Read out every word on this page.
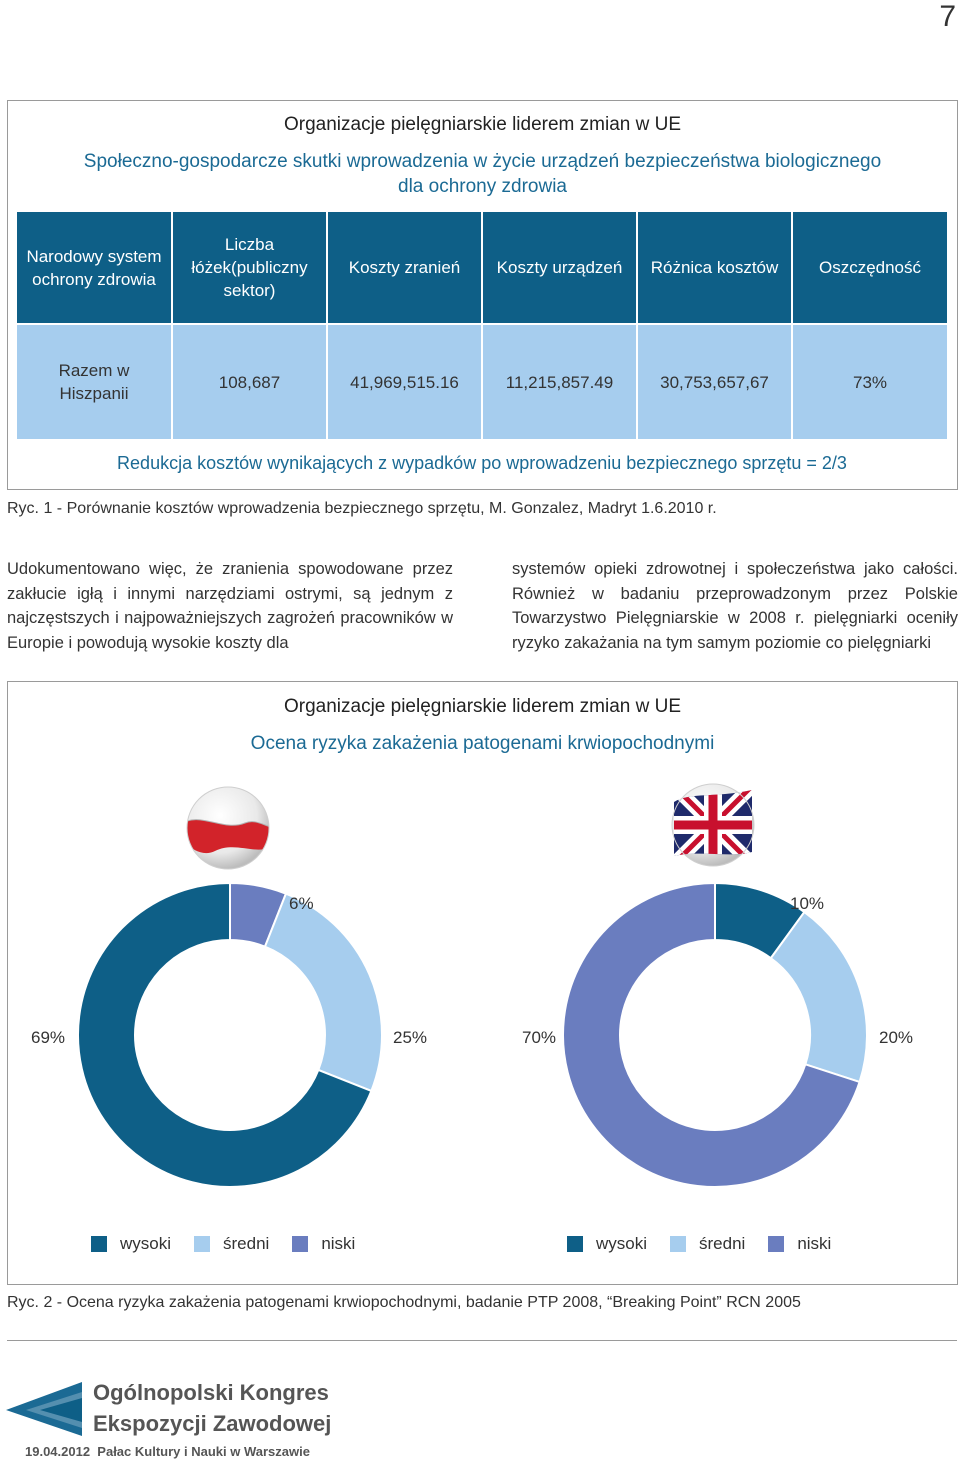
7
Organizacje pielęgniarskie liderem zmian w UE
Społeczno-gospodarcze skutki wprowadzenia w życie urządzeń bezpieczeństwa biologicznego
dla ochrony zdrowia
Narodowy system ochrony zdrowia	Liczba łóżek(publiczny sektor)	Koszty zranień	Koszty urządzeń	Różnica kosztów	Oszczędność
Razem w Hiszpanii	108,687	41,969,515.16	11,215,857.49	30,753,657,67	73%
Redukcja kosztów wynikających z wypadków po wprowadzeniu bezpiecznego sprzętu = 2/3
Ryc. 1 - Porównanie kosztów wprowadzenia bezpiecznego sprzętu, M. Gonzalez, Madryt 1.6.2010 r.
Udokumentowano więc, że zranienia spowodowane przez zakłucie igłą i innymi narzędziami ostrymi, są jednym z najczęstszych i najpoważniejszych zagrożeń pracowników w Europie i powodują wysokie koszty dla
systemów opieki zdrowotnej i społeczeństwa jako całości. Również w badaniu przeprowadzonym przez Polskie Towarzystwo Pielęgniarskie w 2008 r. pielęgniarki oceniły ryzyko zakażania na tym samym poziomie co pielęgniarki
Organizacje pielęgniarskie liderem zmian w UE
Ocena ryzyka zakażenia patogenami krwiopochodnymi
6%
69%	25%
10%
70%	20%
wysoki	średni	niski	wysoki	średni	niski
Ryc. 2 - Ocena ryzyka zakażenia patogenami krwiopochodnymi, badanie PTP 2008, “Breaking Point” RCN 2005
Ogólnopolski Kongres
Ekspozycji Zawodowej
19.04.2012  Pałac Kultury i Nauki w Warszawie
